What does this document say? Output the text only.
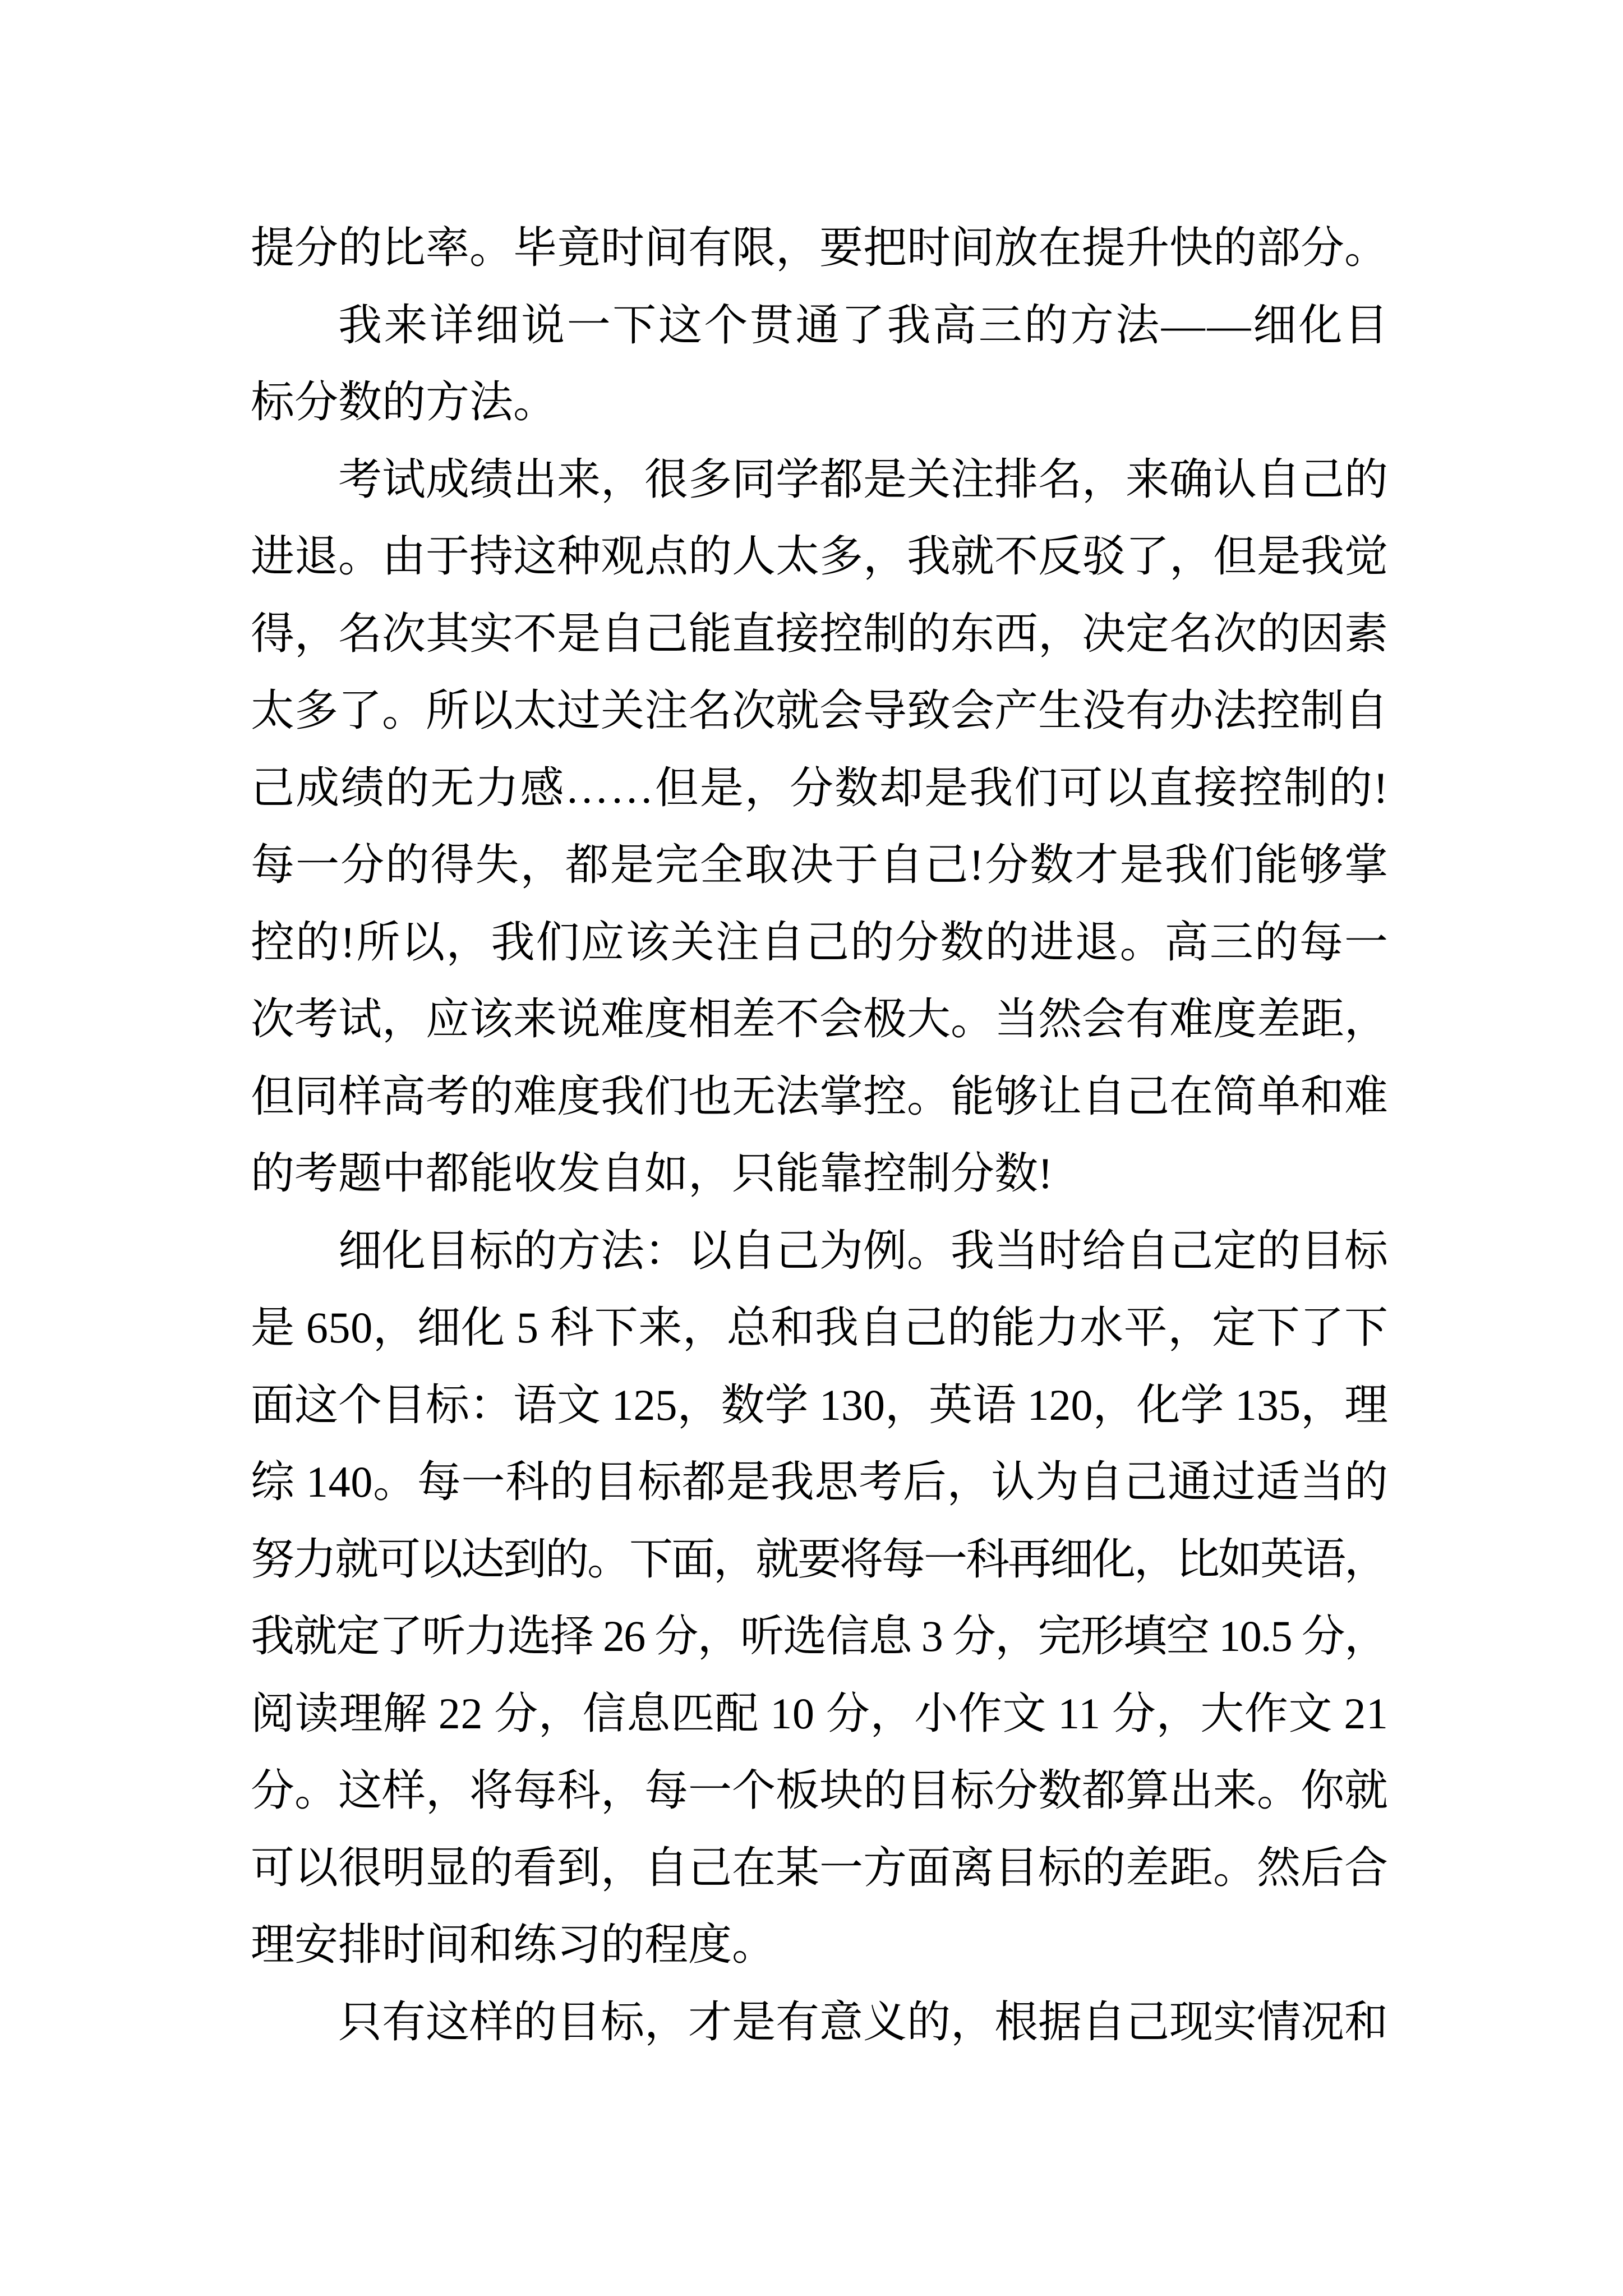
提分的比率。毕竟时间有限，要把时间放在提升快的部分。
我来详细说一下这个贯通了我高三的方法——细化目
标分数的方法。
考试成绩出来，很多同学都是关注排名，来确认自己的
进退。由于持这种观点的人太多，我就不反驳了，但是我觉
得，名次其实不是自己能直接控制的东西，决定名次的因素
太多了。所以太过关注名次就会导致会产生没有办法控制自
己成绩的无力感……但是，分数却是我们可以直接控制的!
每一分的得失，都是完全取决于自己!分数才是我们能够掌
控的!所以，我们应该关注自己的分数的进退。高三的每一
次考试，应该来说难度相差不会极大。当然会有难度差距，
但同样高考的难度我们也无法掌控。能够让自己在简单和难
的考题中都能收发自如，只能靠控制分数!
细化目标的方法：以自己为例。我当时给自己定的目标
是 650，细化 5 科下来，总和我自己的能力水平，定下了下
面这个目标：语文 125，数学 130，英语 120，化学 135，理
综 140。每一科的目标都是我思考后，认为自己通过适当的
努力就可以达到的。下面，就要将每一科再细化，比如英语，
我就定了听力选择 26 分，听选信息 3 分，完形填空 10.5 分，
阅读理解 22 分，信息匹配 10 分，小作文 11 分，大作文 21
分。这样，将每科，每一个板块的目标分数都算出来。你就
可以很明显的看到，自己在某一方面离目标的差距。然后合
理安排时间和练习的程度。
只有这样的目标，才是有意义的，根据自己现实情况和
